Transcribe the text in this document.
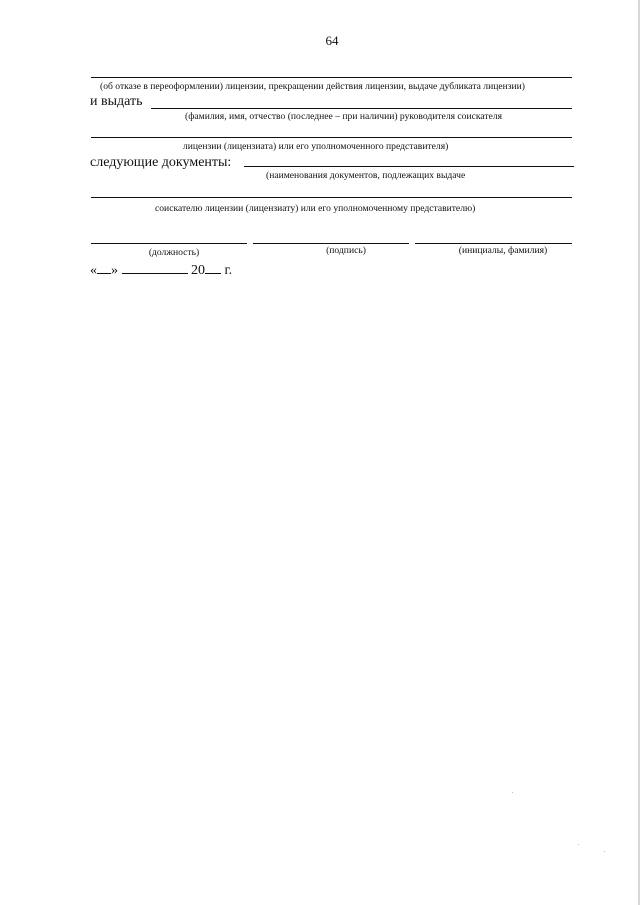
64
(об отказе в переоформлении) лицензии, прекращении действия лицензии, выдаче дубликата лицензии)
и выдать
(фамилия, имя, отчество (последнее – при наличии) руководителя соискателя
лицензии (лицензиата) или его уполномоченного представителя)
следующие документы:
(наименования документов, подлежащих выдаче
соискателю лицензии (лицензиату) или его уполномоченному представителю)
(должность)	(подпись)	(инициалы, фамилия)
« »	20 г.
